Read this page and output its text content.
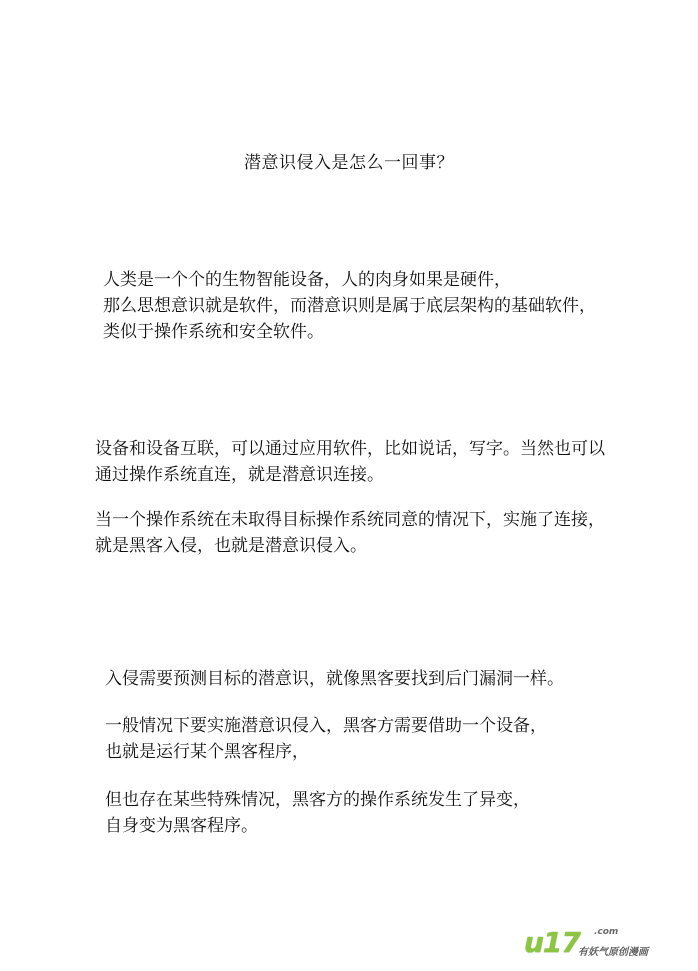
潜意识侵入是怎么一回事？

人类是一个个的生物智能设备，人的肉身如果是硬件，
那么思想意识就是软件，而潜意识则是属于底层架构的基础软件，
类似于操作系统和安全软件。

设备和设备互联，可以通过应用软件，比如说话，写字。当然也可以
通过操作系统直连，就是潜意识连接。

当一个操作系统在未取得目标操作系统同意的情况下，实施了连接，
就是黑客入侵，也就是潜意识侵入。

入侵需要预测目标的潜意识，就像黑客要找到后门漏洞一样。

一般情况下要实施潜意识侵入，黑客方需要借助一个设备，
也就是运行某个黑客程序，

但也存在某些特殊情况，黑客方的操作系统发生了异变，
自身变为黑客程序。

u17 .com
有妖气原创漫画
